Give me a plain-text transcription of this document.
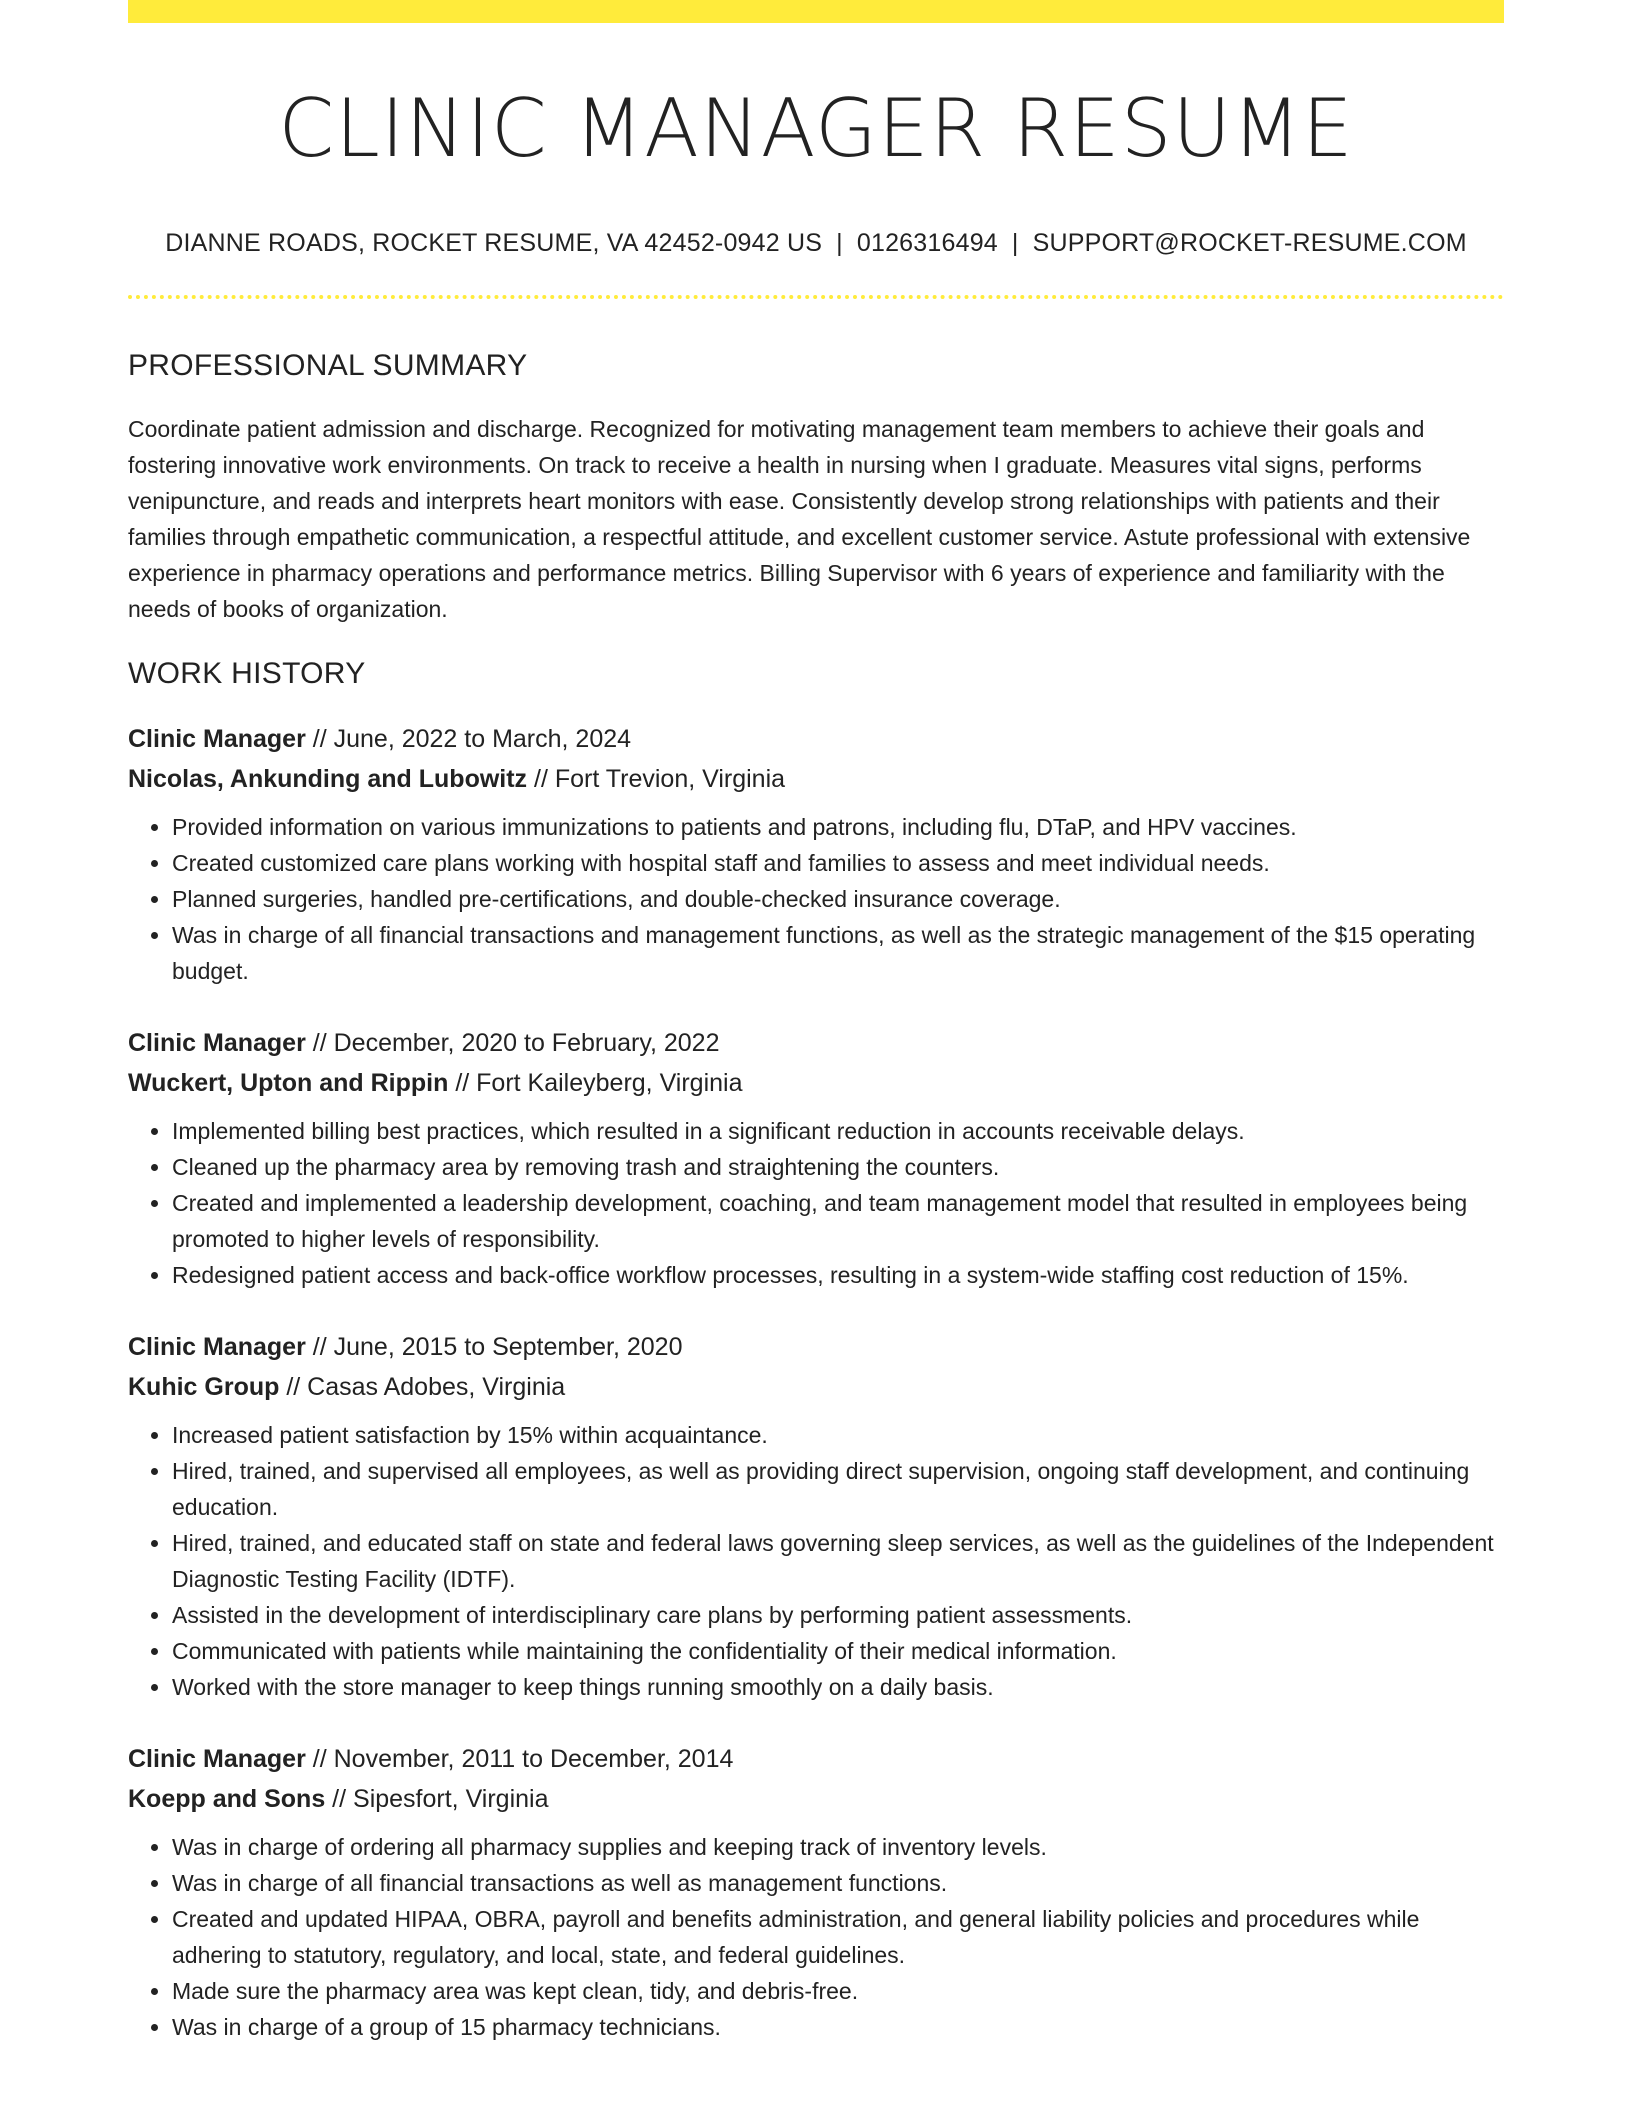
CLINIC MANAGER RESUME
DIANNE ROADS, ROCKET RESUME, VA 42452-0942 US | 0126316494 | SUPPORT@ROCKET-RESUME.COM
PROFESSIONAL SUMMARY
Coordinate patient admission and discharge. Recognized for motivating management team members to achieve their goals and fostering innovative work environments. On track to receive a health in nursing when I graduate. Measures vital signs, performs venipuncture, and reads and interprets heart monitors with ease. Consistently develop strong relationships with patients and their families through empathetic communication, a respectful attitude, and excellent customer service. Astute professional with extensive experience in pharmacy operations and performance metrics. Billing Supervisor with 6 years of experience and familiarity with the needs of books of organization.
WORK HISTORY
Clinic Manager // June, 2022 to March, 2024
Nicolas, Ankunding and Lubowitz // Fort Trevion, Virginia
• Provided information on various immunizations to patients and patrons, including flu, DTaP, and HPV vaccines.
• Created customized care plans working with hospital staff and families to assess and meet individual needs.
• Planned surgeries, handled pre-certifications, and double-checked insurance coverage.
• Was in charge of all financial transactions and management functions, as well as the strategic management of the $15 operating budget.
Clinic Manager // December, 2020 to February, 2022
Wuckert, Upton and Rippin // Fort Kaileyberg, Virginia
• Implemented billing best practices, which resulted in a significant reduction in accounts receivable delays.
• Cleaned up the pharmacy area by removing trash and straightening the counters.
• Created and implemented a leadership development, coaching, and team management model that resulted in employees being promoted to higher levels of responsibility.
• Redesigned patient access and back-office workflow processes, resulting in a system-wide staffing cost reduction of 15%.
Clinic Manager // June, 2015 to September, 2020
Kuhic Group // Casas Adobes, Virginia
• Increased patient satisfaction by 15% within acquaintance.
• Hired, trained, and supervised all employees, as well as providing direct supervision, ongoing staff development, and continuing education.
• Hired, trained, and educated staff on state and federal laws governing sleep services, as well as the guidelines of the Independent Diagnostic Testing Facility (IDTF).
• Assisted in the development of interdisciplinary care plans by performing patient assessments.
• Communicated with patients while maintaining the confidentiality of their medical information.
• Worked with the store manager to keep things running smoothly on a daily basis.
Clinic Manager // November, 2011 to December, 2014
Koepp and Sons // Sipesfort, Virginia
• Was in charge of ordering all pharmacy supplies and keeping track of inventory levels.
• Was in charge of all financial transactions as well as management functions.
• Created and updated HIPAA, OBRA, payroll and benefits administration, and general liability policies and procedures while adhering to statutory, regulatory, and local, state, and federal guidelines.
• Made sure the pharmacy area was kept clean, tidy, and debris-free.
• Was in charge of a group of 15 pharmacy technicians.
